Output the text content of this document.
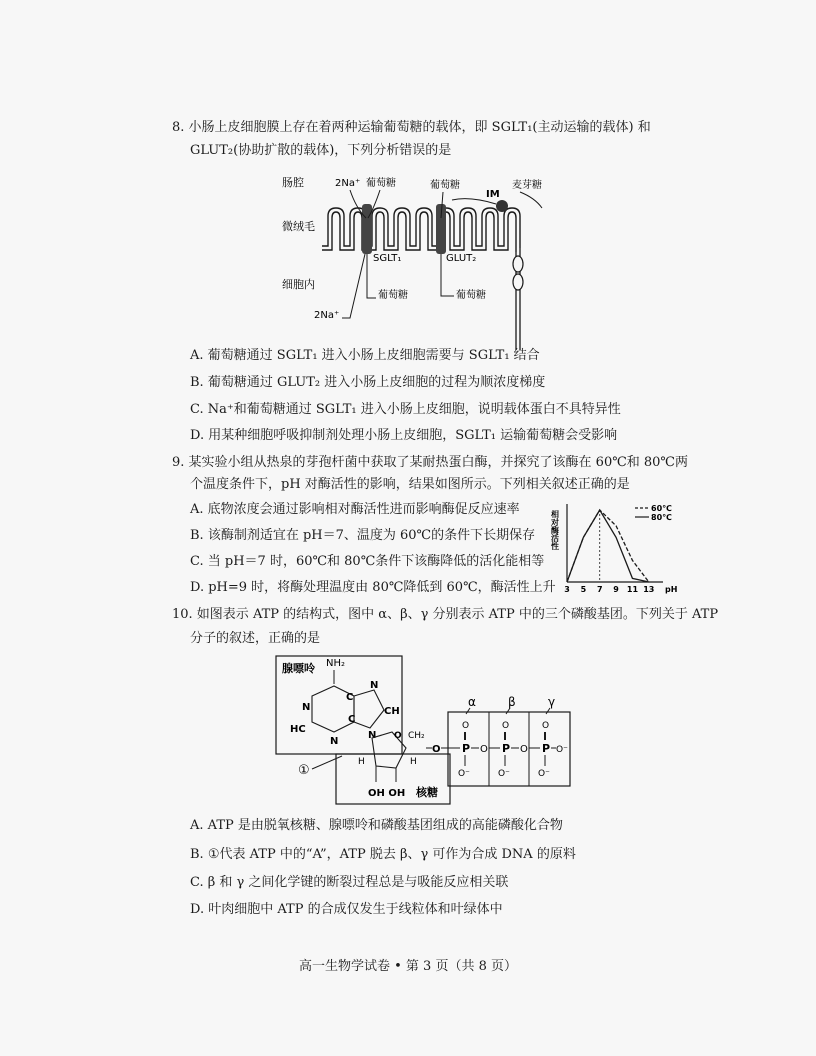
8. 小肠上皮细胞膜上存在着两种运输葡萄糖的载体，即 SGLT₁(主动运输的载体) 和
GLUT₂(协助扩散的载体)，下列分析错误的是
肠腔	2Na⁺ 葡萄糖	葡萄糖	麦芽糖
IM
微绒毛
SGLT₁	GLUT₂
细胞内
葡萄糖	葡萄糖
2Na⁺
A. 葡萄糖通过 SGLT₁ 进入小肠上皮细胞需要与 SGLT₁ 结合
B. 葡萄糖通过 GLUT₂ 进入小肠上皮细胞的过程为顺浓度梯度
C. Na⁺和葡萄糖通过 SGLT₁ 进入小肠上皮细胞，说明载体蛋白不具特异性
D. 用某种细胞呼吸抑制剂处理小肠上皮细胞，SGLT₁ 运输葡萄糖会受影响
9. 某实验小组从热泉的芽孢杆菌中获取了某耐热蛋白酶，并探究了该酶在 60℃和 80℃两
个温度条件下，pH 对酶活性的影响，结果如图所示。下列相关叙述正确的是
A. 底物浓度会通过影响相对酶活性进而影响酶促反应速率
B. 该酶制剂适宜在 pH＝7、温度为 60℃的条件下长期保存
C. 当 pH＝7 时，60℃和 80℃条件下该酶降低的活化能相等
D. pH=9 时，将酶处理温度由 80℃降低到 60℃，酶活性上升
相对酶活性
3 5 7 9 11 13 pH
60℃
80℃
10. 如图表示 ATP 的结构式，图中 α、β、γ 分别表示 ATP 中的三个磷酸基团。下列关于 ATP
分子的叙述，正确的是
腺嘌呤 NH₂
N
HC
N
C
C
N
CH
N
①
O
H	H
OH OH 核糖
CH₂
O
α	β	γ
P	P	P
O	O	O
O⁻	O⁻	O⁻
O	O	O⁻
A. ATP 是由脱氧核糖、腺嘌呤和磷酸基团组成的高能磷酸化合物
B. ①代表 ATP 中的“A”，ATP 脱去 β、γ 可作为合成 DNA 的原料
C. β 和 γ 之间化学键的断裂过程总是与吸能反应相关联
D. 叶肉细胞中 ATP 的合成仅发生于线粒体和叶绿体中
高一生物学试卷 • 第 3 页（共 8 页）
